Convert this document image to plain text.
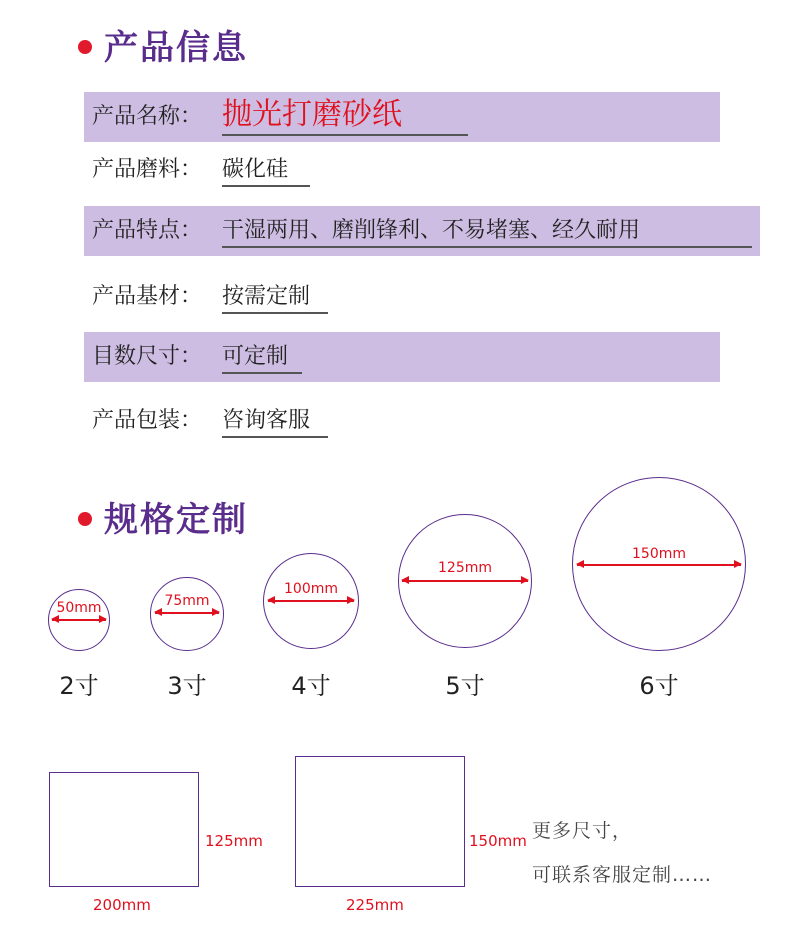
产品信息
产品名称： 抛光打磨砂纸
产品磨料： 碳化硅
产品特点： 干湿两用、磨削锋利、不易堵塞、经久耐用
产品基材： 按需定制
目数尺寸： 可定制
产品包装： 咨询客服
规格定制
50mm
2寸
75mm
3寸
100mm
4寸
125mm
5寸
150mm
6寸
125mm
200mm
150mm
225mm
更多尺寸，
可联系客服定制……
